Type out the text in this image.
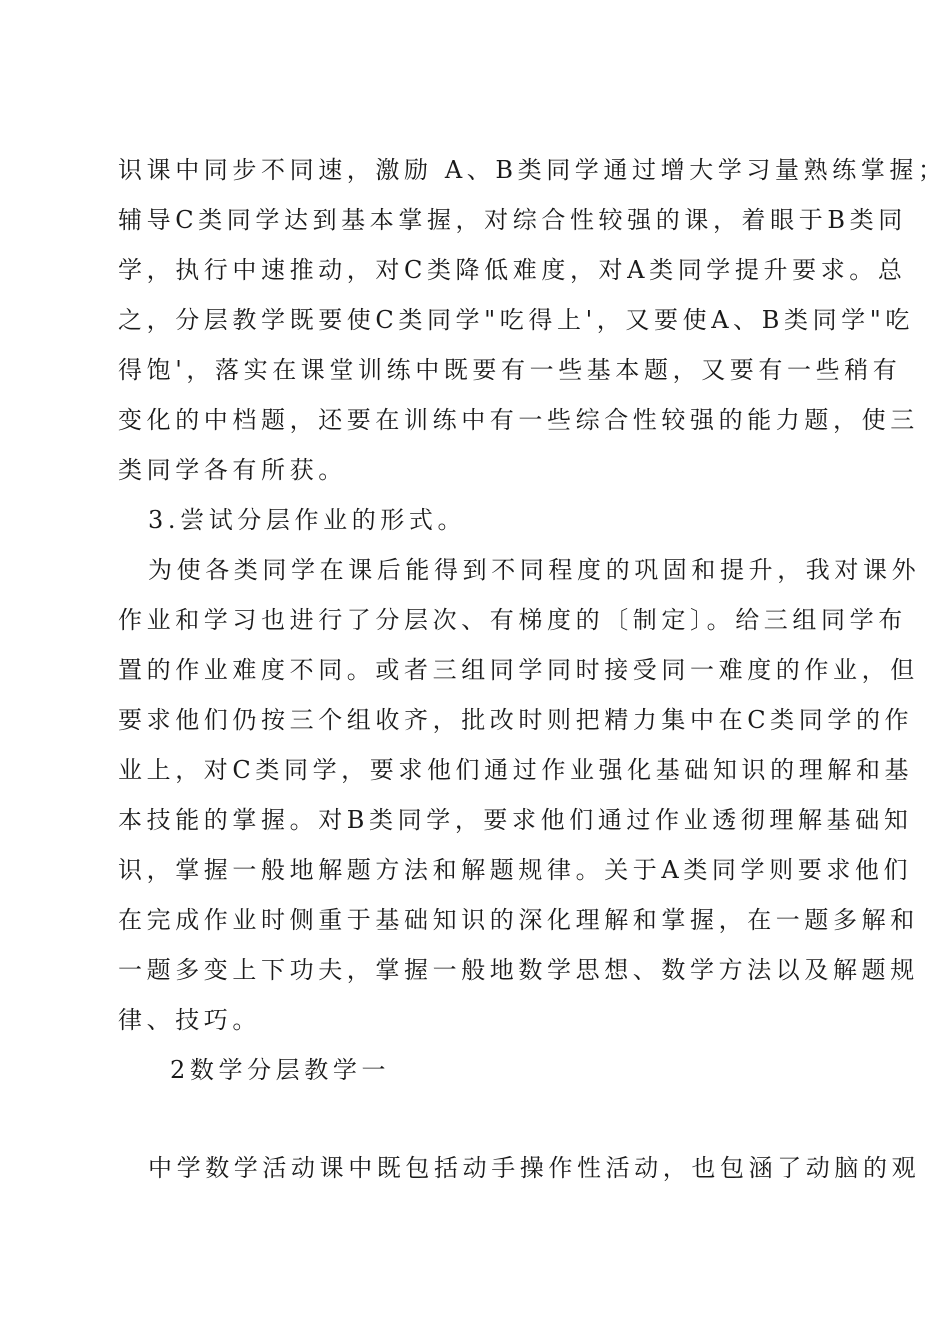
识课中同步不同速，激励 A、B类同学通过增大学习量熟练掌握；
辅导C类同学达到基本掌握，对综合性较强的课，着眼于B类同
学，执行中速推动，对C类降低难度，对A类同学提升要求。总
之，分层教学既要使C类同学"吃得上'，又要使A、B类同学"吃
得饱'，落实在课堂训练中既要有一些基本题，又要有一些稍有
变化的中档题，还要在训练中有一些综合性较强的能力题，使三
类同学各有所获。
3.尝试分层作业的形式。
为使各类同学在课后能得到不同程度的巩固和提升，我对课外
作业和学习也进行了分层次、有梯度的〔制定〕。给三组同学布
置的作业难度不同。或者三组同学同时接受同一难度的作业，但
要求他们仍按三个组收齐，批改时则把精力集中在C类同学的作
业上，对C类同学，要求他们通过作业强化基础知识的理解和基
本技能的掌握。对B类同学，要求他们通过作业透彻理解基础知
识，掌握一般地解题方法和解题规律。关于A类同学则要求他们
在完成作业时侧重于基础知识的深化理解和掌握，在一题多解和
一题多变上下功夫，掌握一般地数学思想、数学方法以及解题规
律、技巧。
2数学分层教学一
中学数学活动课中既包括动手操作性活动，也包涵了动脑的观
